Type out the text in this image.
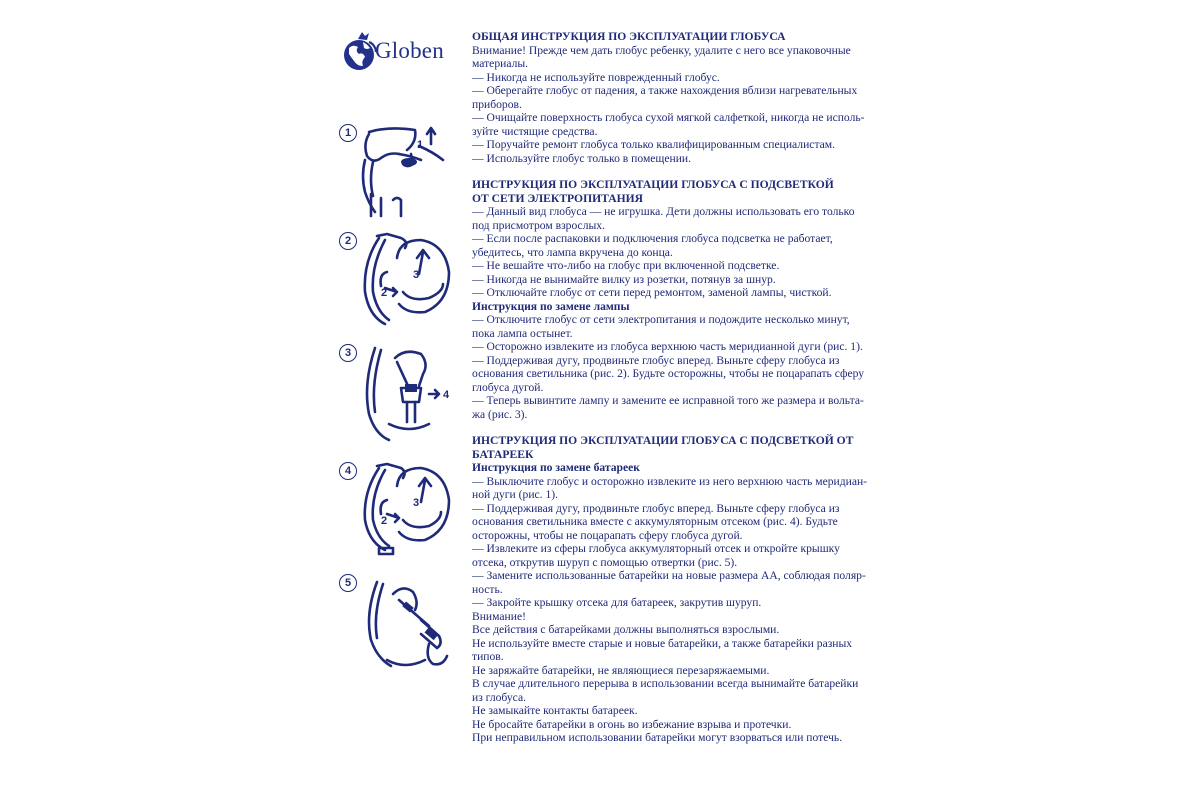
Globen
1
1
2
2
3
3
4
4
2
3
5
ОБЩАЯ ИНСТРУКЦИЯ ПО ЭКСПЛУАТАЦИИ ГЛОБУСА
Внимание! Прежде чем дать глобус ребенку, удалите с него все упаковочные
материалы.
— Никогда не используйте поврежденный глобус.
— Оберегайте глобус от падения, а также нахождения вблизи нагревательных
приборов.
— Очищайте поверхность глобуса сухой мягкой салфеткой, никогда не исполь-
зуйте чистящие средства.
— Поручайте ремонт глобуса только квалифицированным специалистам.
— Используйте глобус только в помещении.
ИНСТРУКЦИЯ ПО ЭКСПЛУАТАЦИИ ГЛОБУСА С ПОДСВЕТКОЙ
ОТ СЕТИ ЭЛЕКТРОПИТАНИЯ
— Данный вид глобуса — не игрушка. Дети должны использовать его только
под присмотром взрослых.
— Если после распаковки и подключения глобуса подсветка не работает,
убедитесь, что лампа вкручена до конца.
— Не вешайте что-либо на глобус при включенной подсветке.
— Никогда не вынимайте вилку из розетки, потянув за шнур.
— Отключайте глобус от сети перед ремонтом, заменой лампы, чисткой.
Инструкция по замене лампы
— Отключите глобус от сети электропитания и подождите несколько минут,
пока лампа остынет.
— Осторожно извлеките из глобуса верхнюю часть меридианной дуги (рис. 1).
— Поддерживая дугу, продвиньте глобус вперед. Выньте сферу глобуса из
основания светильника (рис. 2). Будьте осторожны, чтобы не поцарапать сферу
глобуса дугой.
— Теперь вывинтите лампу и замените ее исправной того же размера и вольта-
жа (рис. 3).
ИНСТРУКЦИЯ ПО ЭКСПЛУАТАЦИИ ГЛОБУСА С ПОДСВЕТКОЙ ОТ
БАТАРЕЕК
Инструкция по замене батареек
— Выключите глобус и осторожно извлеките из него верхнюю часть меридиан-
ной дуги (рис. 1).
— Поддерживая дугу, продвиньте глобус вперед. Выньте сферу глобуса из
основания светильника вместе с аккумуляторным отсеком (рис. 4). Будьте
осторожны, чтобы не поцарапать сферу глобуса дугой.
— Извлеките из сферы глобуса аккумуляторный отсек и откройте крышку
отсека, открутив шуруп с помощью отвертки (рис. 5).
— Замените использованные батарейки на новые размера АА, соблюдая поляр-
ность.
— Закройте крышку отсека для батареек, закрутив шуруп.
Внимание!
Все действия с батарейками должны выполняться взрослыми.
Не используйте вместе старые и новые батарейки, а также батарейки разных
типов.
Не заряжайте батарейки, не являющиеся перезаряжаемыми.
В случае длительного перерыва в использовании всегда вынимайте батарейки
из глобуса.
Не замыкайте контакты батареек.
Не бросайте батарейки в огонь во избежание взрыва и протечки.
При неправильном использовании батарейки могут взорваться или потечь.
